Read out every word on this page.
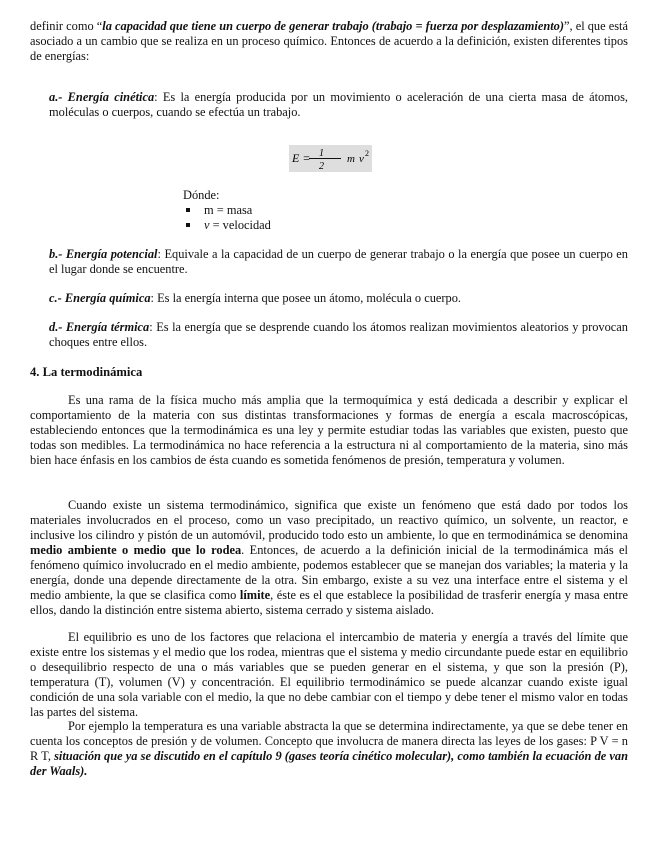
definir como “la capacidad que tiene un cuerpo de generar trabajo (trabajo = fuerza por desplazamiento)”, el que está asociado a un cambio que se realiza en un proceso químico. Entonces de acuerdo a la definición, existen diferentes tipos de energías:

a.- Energía cinética: Es la energía producida por un movimiento o aceleración de una cierta masa de átomos, moléculas o cuerpos, cuando se efectúa un trabajo.

E = 1
2
m v 2
Dónde:
m = masa
v = velocidad

b.- Energía potencial: Equivale a la capacidad de un cuerpo de generar trabajo o la energía que posee un cuerpo en el lugar donde se encuentre.

c.- Energía química: Es la energía interna que posee un átomo, molécula o cuerpo.

d.- Energía térmica: Es la energía que se desprende cuando los átomos realizan movimientos aleatorios y provocan choques entre ellos.

4. La termodinámica

Es una rama de la física mucho más amplia que la termoquímica y está dedicada a describir y explicar el comportamiento de la materia con sus distintas transformaciones y formas de energía a escala macroscópicas, estableciendo entonces que la termodinámica es una ley y permite estudiar todas las variables que existen, puesto que todas son medibles. La termodinámica no hace referencia a la estructura ni al comportamiento de la materia, sino más bien hace énfasis en los cambios de ésta cuando es sometida fenómenos de presión, temperatura y volumen.

Cuando existe un sistema termodinámico, significa que existe un fenómeno que está dado por todos los materiales involucrados en el proceso, como un vaso precipitado, un reactivo químico, un solvente, un reactor, e inclusive los cilindro y pistón de un automóvil, producido todo esto un ambiente, lo que en termodinámica se denomina medio ambiente o medio que lo rodea. Entonces, de acuerdo a la definición inicial de la termodinámica más el fenómeno químico involucrado en el medio ambiente, podemos establecer que se manejan dos variables; la materia y la energía, donde una depende directamente de la otra. Sin embargo, existe a su vez una interface entre el sistema y el medio ambiente, la que se clasifica como límite, éste es el que establece la posibilidad de trasferir energía y masa entre ellos, dando la distinción entre sistema abierto, sistema cerrado y sistema aislado.

El equilibrio es uno de los factores que relaciona el intercambio de materia y energía a través del límite que existe entre los sistemas y el medio que los rodea, mientras que el sistema y medio circundante puede estar en equilibrio o desequilibrio respecto de una o más variables que se pueden generar en el sistema, y que son la presión (P), temperatura (T), volumen (V) y concentración. El equilibrio termodinámico se puede alcanzar cuando existe igual condición de una sola variable con el medio, la que no debe cambiar con el tiempo y debe tener el mismo valor en todas las partes del sistema.

Por ejemplo la temperatura es una variable abstracta la que se determina indirectamente, ya que se debe tener en cuenta los conceptos de presión y de volumen. Concepto que involucra de manera directa las leyes de los gases: P V = n R T, situación que ya se discutido en el capítulo 9 (gases teoría cinético molecular), como también la ecuación de van der Waals).
